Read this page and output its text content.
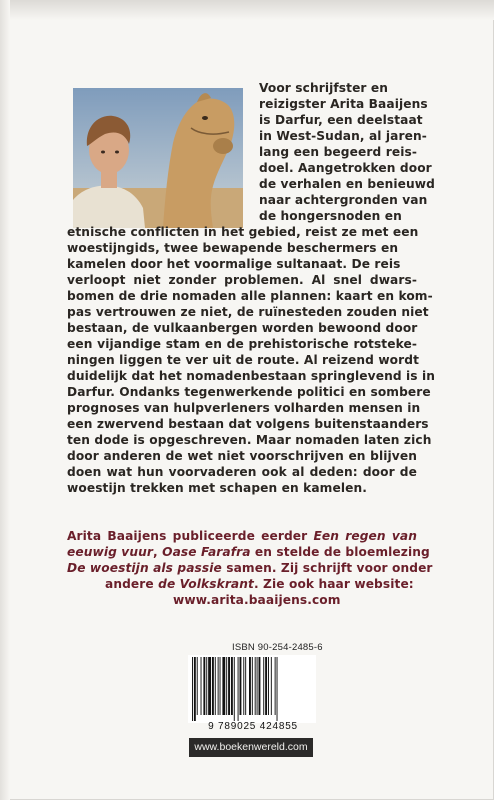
Voor schrijfster en
reizigster Arita Baaijens
is Darfur, een deelstaat
in West-Sudan, al jaren-
lang een begeerd reis-
doel. Aangetrokken door
de verhalen en benieuwd
naar achtergronden van
de hongersnoden en
etnische conflicten in het gebied, reist ze met een
woestijngids, twee bewapende beschermers en
kamelen door het voormalige sultanaat. De reis
verloopt niet zonder problemen. Al snel dwars-
bomen de drie nomaden alle plannen: kaart en kom-
pas vertrouwen ze niet, de ruïnesteden zouden niet
bestaan, de vulkaanbergen worden bewoond door
een vijandige stam en de prehistorische rotsteke-
ningen liggen te ver uit de route. Al reizend wordt
duidelijk dat het nomadenbestaan springlevend is in
Darfur. Ondanks tegenwerkende politici en sombere
prognoses van hulpverleners volharden mensen in
een zwervend bestaan dat volgens buitenstaanders
ten dode is opgeschreven. Maar nomaden laten zich
door anderen de wet niet voorschrijven en blijven
doen wat hun voorvaderen ook al deden: door de
woestijn trekken met schapen en kamelen.
Arita Baaijens publiceerde eerder Een regen van
eeuwig vuur, Oase Farafra en stelde de bloemlezing
De woestijn als passie samen. Zij schrijft voor onder
andere de Volkskrant. Zie ook haar website:
www.arita.baaijens.com
ISBN 90-254-2485-6
9 789025 424855
www.boekenwereld.com
